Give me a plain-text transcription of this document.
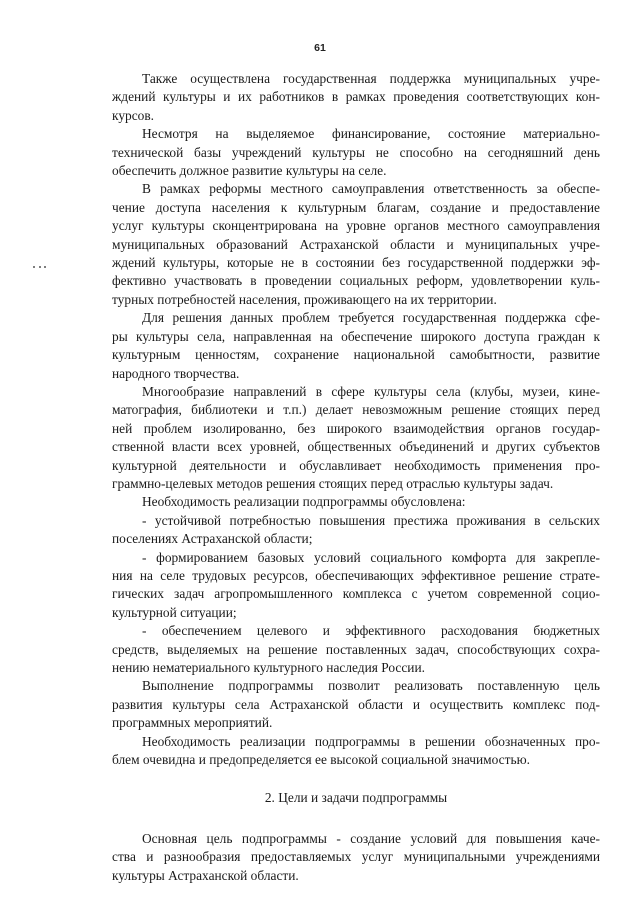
61

Также осуществлена государственная поддержка муниципальных учре-
ждений культуры и их работников в рамках проведения соответствующих кон-
курсов.

Несмотря на выделяемое финансирование, состояние материально-
технической базы учреждений культуры не способно на сегодняшний день
обеспечить должное развитие культуры на селе.

В рамках реформы местного самоуправления ответственность за обеспе-
чение доступа населения к культурным благам, создание и предоставление
услуг культуры сконцентрирована на уровне органов местного самоуправления
муниципальных образований Астраханской области и муниципальных учре-
ждений культуры, которые не в состоянии без государственной поддержки эф-
фективно участвовать в проведении социальных реформ, удовлетворении куль-
турных потребностей населения, проживающего на их территории.

Для решения данных проблем требуется государственная поддержка сфе-
ры культуры села, направленная на обеспечение широкого доступа граждан к
культурным ценностям, сохранение национальной самобытности, развитие
народного творчества.

Многообразие направлений в сфере культуры села (клубы, музеи, кине-
матография, библиотеки и т.п.) делает невозможным решение стоящих перед
ней проблем изолированно, без широкого взаимодействия органов государ-
ственной власти всех уровней, общественных объединений и других субъектов
культурной деятельности и обуславливает необходимость применения про-
граммно-целевых методов решения стоящих перед отраслью культуры задач.

Необходимость реализации подпрограммы обусловлена:

- устойчивой потребностью повышения престижа проживания в сельских
поселениях Астраханской области;

- формированием базовых условий социального комфорта для закрепле-
ния на селе трудовых ресурсов, обеспечивающих эффективное решение страте-
гических задач агропромышленного комплекса с учетом современной социо-
культурной ситуации;

- обеспечением целевого и эффективного расходования бюджетных
средств, выделяемых на решение поставленных задач, способствующих сохра-
нению нематериального культурного наследия России.

Выполнение подпрограммы позволит реализовать поставленную цель
развития культуры села Астраханской области и осуществить комплекс под-
программных мероприятий.

Необходимость реализации подпрограммы в решении обозначенных про-
блем очевидна и предопределяется ее высокой социальной значимостью.

2. Цели и задачи подпрограммы

Основная цель подпрограммы - создание условий для повышения каче-
ства и разнообразия предоставляемых услуг муниципальными учреждениями
культуры Астраханской области.
